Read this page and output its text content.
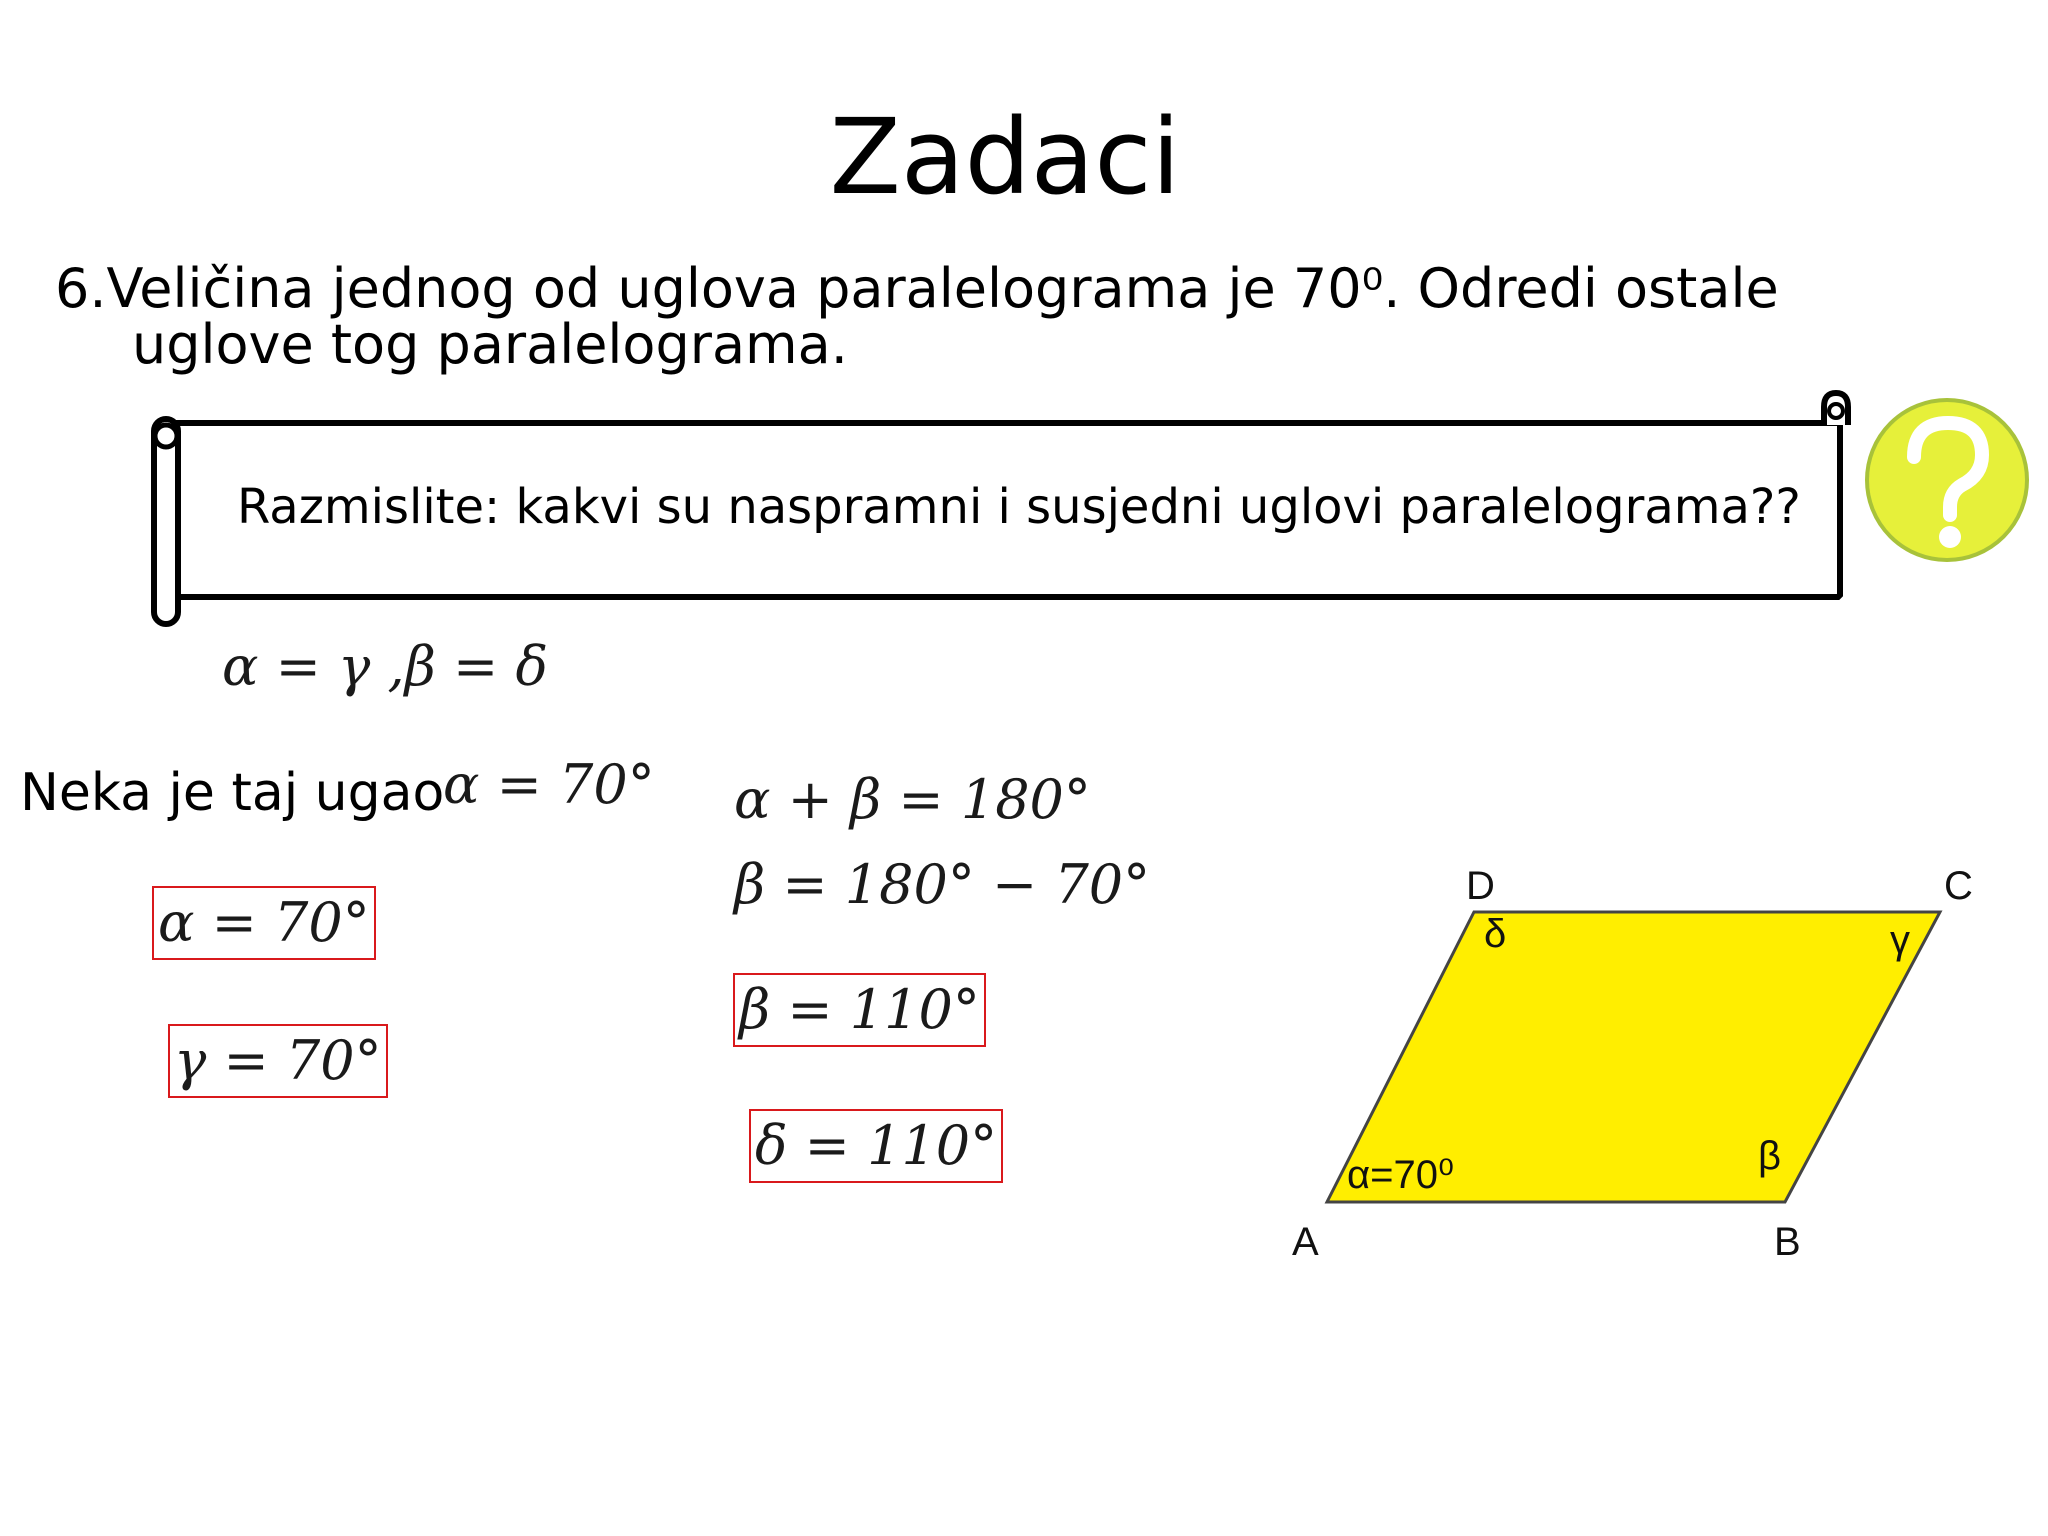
Zadaci
6.Veličina jednog od uglova paralelograma je 70⁰. Odredi ostale
uglove tog paralelograma.
Razmislite: kakvi su naspramni i susjedni uglovi paralelograma??
α = γ ,β = δ
Neka je taj ugao
α = 70°
α = 70°
γ = 70°
α + β = 180°
β = 180° − 70°
β = 110°
δ = 110°
A	B
C
D
α=70⁰	β
γ
δ
